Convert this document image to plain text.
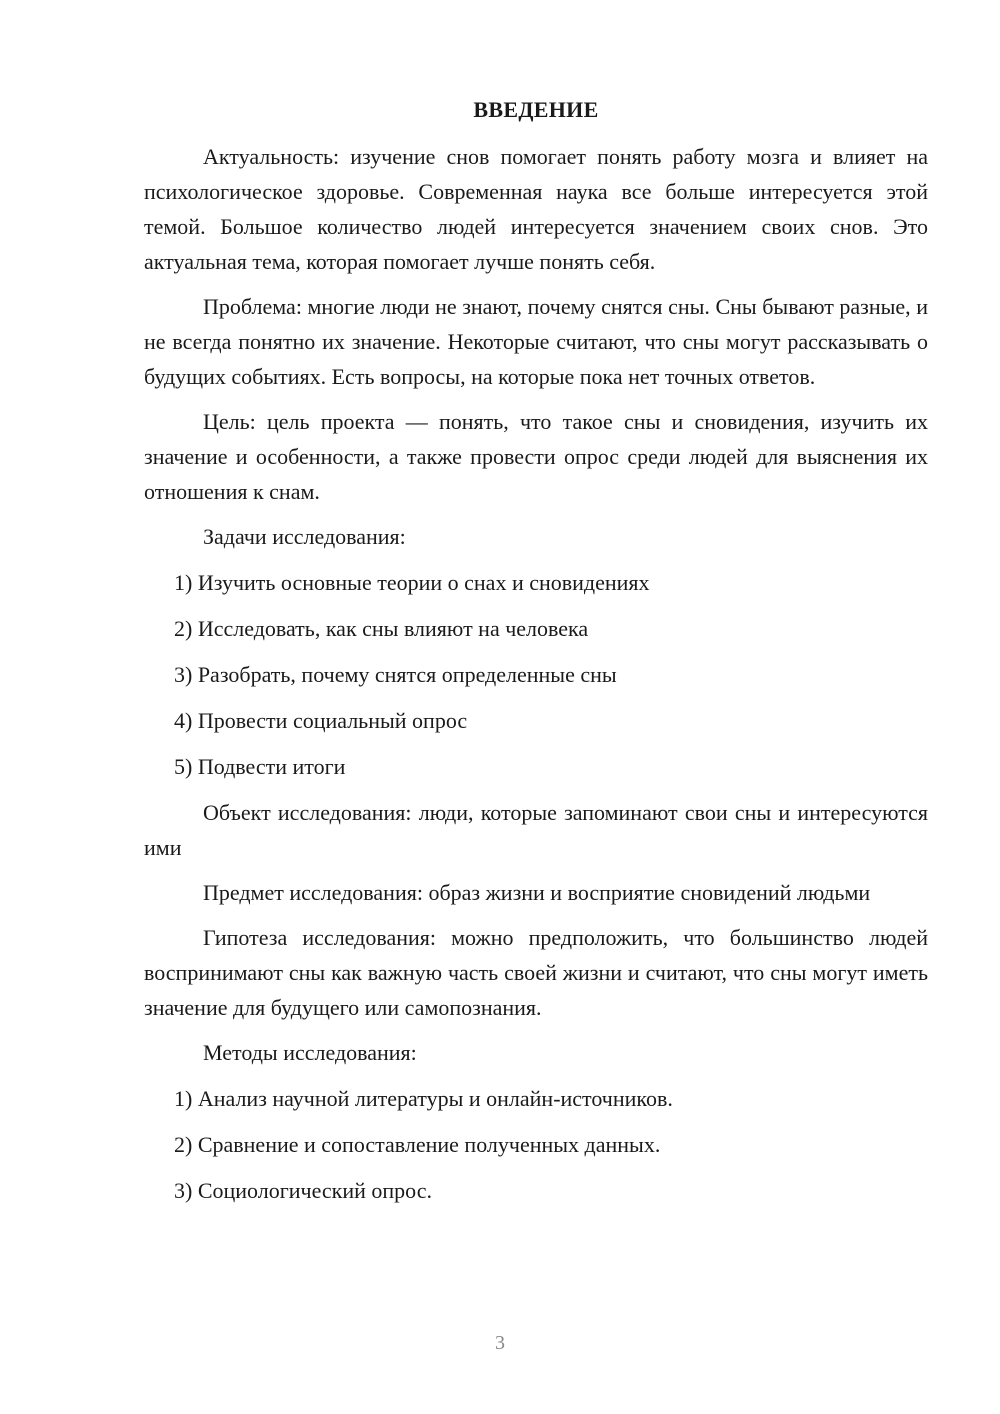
ВВЕДЕНИЕ

Актуальность: изучение снов помогает понять работу мозга и влияет на психологическое здоровье. Современная наука все больше интересуется этой темой. Большое количество людей интересуется значением своих снов. Это актуальная тема, которая помогает лучше понять себя.

Проблема: многие люди не знают, почему снятся сны. Сны бывают разные, и не всегда понятно их значение. Некоторые считают, что сны могут рассказывать о будущих событиях. Есть вопросы, на которые пока нет точных ответов.

Цель: цель проекта — понять, что такое сны и сновидения, изучить их значение и особенности, а также провести опрос среди людей для выяснения их отношения к снам.

Задачи исследования:
1) Изучить основные теории о снах и сновидениях
2) Исследовать, как сны влияют на человека
3) Разобрать, почему снятся определенные сны
4) Провести социальный опрос
5) Подвести итоги

Объект исследования: люди, которые запоминают свои сны и интересуются ими

Предмет исследования: образ жизни и восприятие сновидений людьми

Гипотеза исследования: можно предположить, что большинство людей воспринимают сны как важную часть своей жизни и считают, что сны могут иметь значение для будущего или самопознания.

Методы исследования:
1) Анализ научной литературы и онлайн-источников.
2) Сравнение и сопоставление полученных данных.
3) Социологический опрос.
3
